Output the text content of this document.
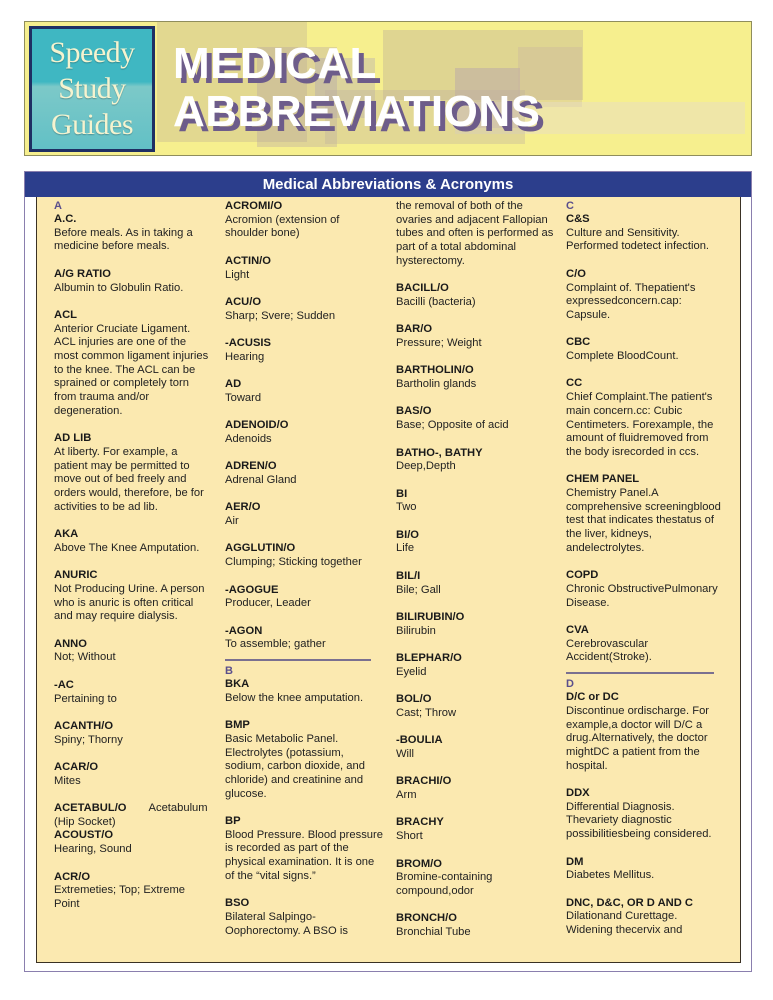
Speedy
Study
Guides
MEDICAL
ABBREVIATIONS
Medical Abbreviations & Acronyms
A
A.C.
Before meals. As in taking a medicine before meals.
A/G RATIO
Albumin to Globulin Ratio.
ACL
Anterior Cruciate Ligament. ACL injuries are one of the most common ligament injuries to the knee. The ACL can be sprained or completely torn from trauma and/or degeneration.
AD LIB
At liberty. For example, a patient may be permitted to move out of bed freely and orders would, therefore, be for activities to be ad lib.
AKA
Above The Knee Amputation.
ANURIC
Not Producing Urine. A person who is anuric is often critical and may require dialysis.
ANNO
Not; Without
-AC
Pertaining to
ACANTH/O
Spiny; Thorny
ACAR/O
Mites
ACETABUL/O Acetabulum (Hip Socket)
ACOUST/O
Hearing, Sound
ACR/O
Extremeties; Top; Extreme Point
ACROMI/O
Acromion (extension of shoulder bone)
ACTIN/O
Light
ACU/O
Sharp; Svere; Sudden
-ACUSIS
Hearing
AD
Toward
ADENOID/O
Adenoids
ADREN/O
Adrenal Gland
AER/O
Air
AGGLUTIN/O
Clumping; Sticking together
-AGOGUE
Producer, Leader
-AGON
To assemble; gather
B
BKA
Below the knee amputation.
BMP
Basic Metabolic Panel. Electrolytes (potassium, sodium, carbon dioxide, and chloride) and creatinine and glucose.
BP
Blood Pressure. Blood pressure is recorded as part of the physical examination. It is one of the “vital signs.”
BSO
Bilateral Salpingo-Oophorectomy. A BSO is
the removal of both of the ovaries and adjacent Fallopian tubes and often is performed as part of a total abdominal hysterectomy.
BACILL/O
Bacilli (bacteria)
BAR/O
Pressure; Weight
BARTHOLIN/O
Bartholin glands
BAS/O
Base; Opposite of acid
BATHO-, BATHY
Deep,Depth
BI
Two
BI/O
Life
BIL/I
Bile; Gall
BILIRUBIN/O
Bilirubin
BLEPHAR/O
Eyelid
BOL/O
Cast; Throw
-BOULIA
Will
BRACHI/O
Arm
BRACHY
Short
BROM/O
Bromine-containing compound,odor
BRONCH/O
Bronchial Tube
C
C&S
Culture and Sensitivity. Performed todetect infection.
C/O
Complaint of. Thepatient's expressedconcern.cap: Capsule.
CBC
Complete BloodCount.
CC
Chief Complaint.The patient's main concern.cc: Cubic Centimeters. Forexample, the amount of fluidremoved from the body isrecorded in ccs.
CHEM PANEL
Chemistry Panel.A comprehensive screeningblood test that indicates thestatus of the liver, kidneys, andelectrolytes.
COPD
Chronic ObstructivePulmonary Disease.
CVA
Cerebrovascular Accident(Stroke).
D
D/C or DC
Discontinue ordischarge. For example,a doctor will D/C a drug.Alternatively, the doctor mightDC a patient from the hospital.
DDX
Differential Diagnosis. Thevariety diagnostic possibilitiesbeing considered.
DM
Diabetes Mellitus.
DNC, D&C, OR D AND C
Dilationand Curettage. Widening thecervix and
